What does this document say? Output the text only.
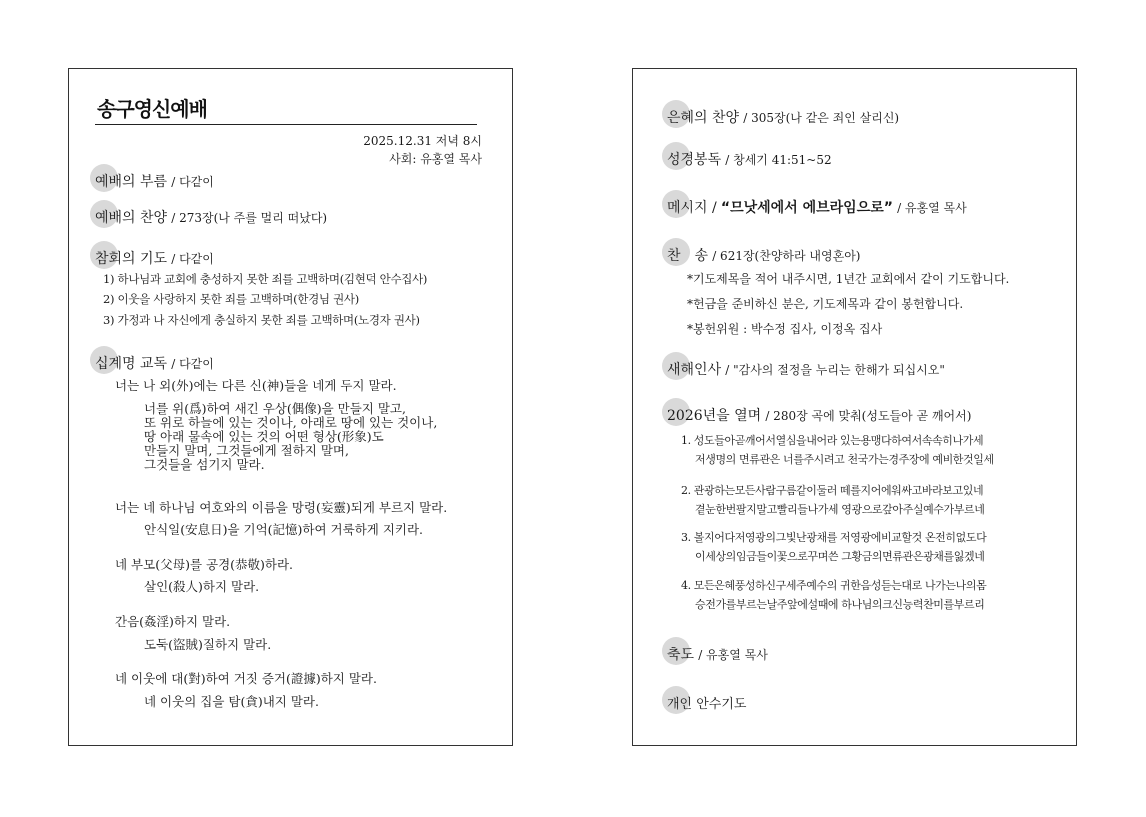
송구영신예배
2025.12.31 저녁 8시
사회: 유홍열 목사
예배의 부름 / 다같이
예배의 찬양 / 273장(나 주를 멀리 떠났다)
참회의 기도 / 다같이
1) 하나님과 교회에 충성하지 못한 죄를 고백하며(김현덕 안수집사)
2) 이웃을 사랑하지 못한 죄를 고백하며(한경님 권사)
3) 가정과 나 자신에게 충실하지 못한 죄를 고백하며(노경자 권사)
십계명 교독 / 다같이
너는 나 외(外)에는 다른 신(神)들을 네게 두지 말라.
너를 위(爲)하여 새긴 우상(偶像)을 만들지 말고,
또 위로 하늘에 있는 것이나, 아래로 땅에 있는 것이나,
땅 아래 물속에 있는 것의 어떤 형상(形象)도
만들지 말며, 그것들에게 절하지 말며,
그것들을 섬기지 말라.
너는 네 하나님 여호와의 이름을 망령(妄靈)되게 부르지 말라.
안식일(安息日)을 기억(記憶)하여 거룩하게 지키라.
네 부모(父母)를 공경(恭敬)하라.
살인(殺人)하지 말라.
간음(姦淫)하지 말라.
도둑(盜賊)질하지 말라.
네 이웃에 대(對)하여 거짓 증거(證據)하지 말라.
네 이웃의 집을 탐(貪)내지 말라.
은혜의 찬양 / 305장(나 같은 죄인 살리신)
성경봉독 / 창세기 41:51~52
메시지 / “므낫세에서 에브라임으로” / 유홍열 목사
찬　송 / 621장(찬양하라 내영혼아)
*기도제목을 적어 내주시면, 1년간 교회에서 같이 기도합니다.
*헌금을 준비하신 분은, 기도제목과 같이 봉헌합니다.
*봉헌위원 : 박수정 집사, 이정옥 집사
새해인사 / "감사의 절정을 누리는 한해가 되십시오"
2026년을 열며 / 280장 곡에 맞춰(성도들아 곧 깨어서)
1. 성도들아곧깨어서열심을내어라 있는용맹다하여서속속히나가세
저생명의 면류관은 너를주시려고 천국가는경주장에 예비한것일세
2. 관광하는모든사람구름같이둘러 떼를지어에워싸고바라보고있네
곁눈한번팔지말고빨리들나가세 영광으로갚아주실예수가부르네
3. 볼지어다저영광의그빛난광채를 저영광에비교할것 온전히없도다
이세상의임금들이꽃으로꾸며쓴 그황금의면류관은광채를잃겠네
4. 모든은혜풍성하신구세주예수의 귀한음성듣는대로 나가는나의몸
승전가를부르는날주앞에설때에 하나님의크신능력찬미를부르리
축도 / 유홍열 목사
개인 안수기도
